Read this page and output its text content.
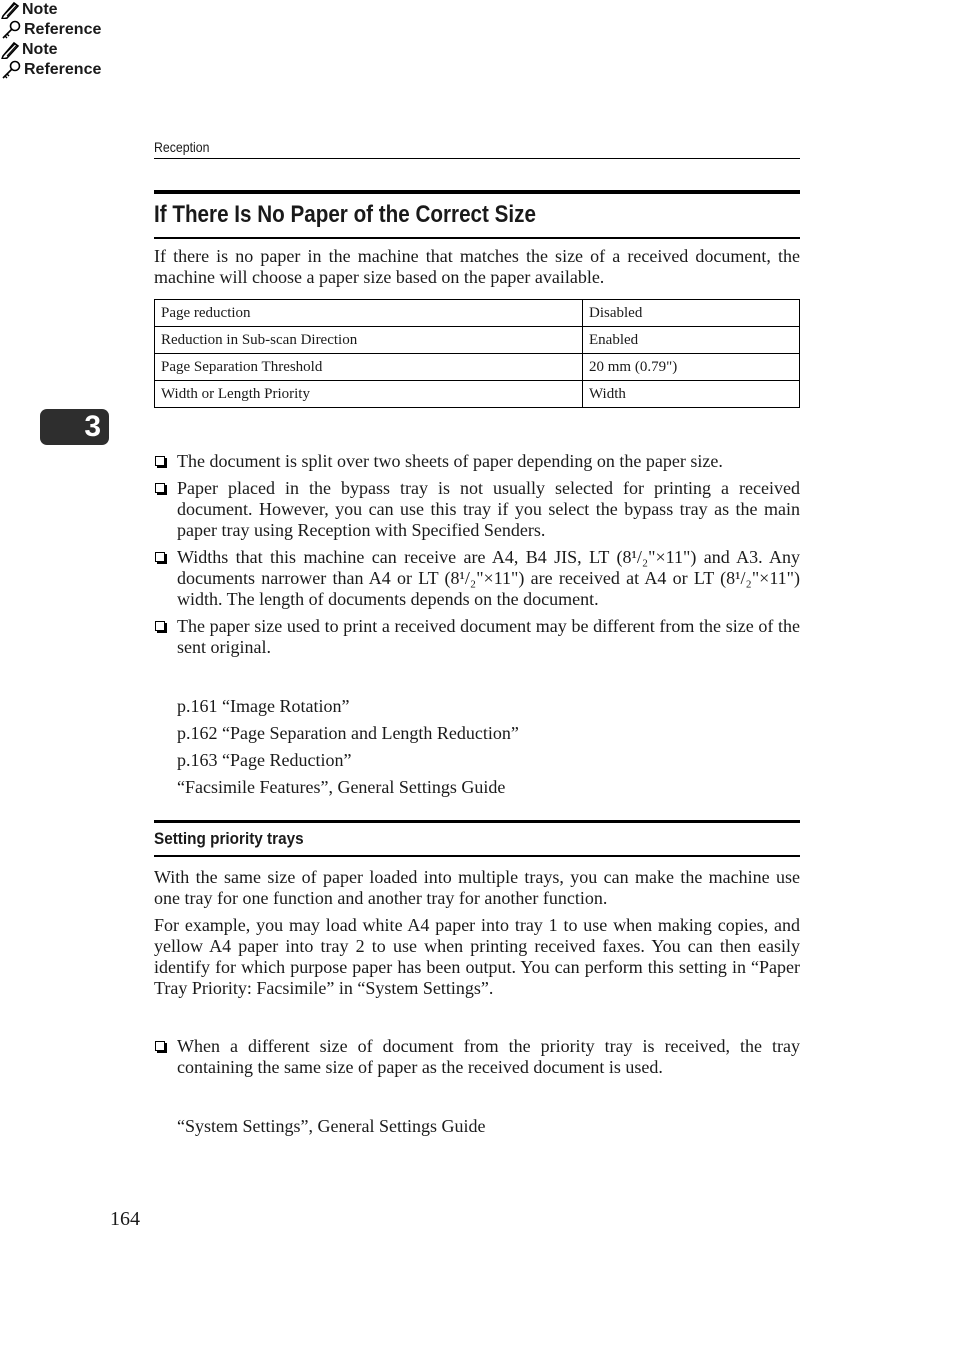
Reception
If There Is No Paper of the Correct Size

If there is no paper in the machine that matches the size of a received document, the machine will choose a paper size based on the paper available.

Page reduction	Disabled
Reduction in Sub-scan Direction	Enabled
Page Separation Threshold	20 mm (0.79")
Width or Length Priority	Width
3
Note
The document is split over two sheets of paper depending on the paper size.
Paper placed in the bypass tray is not usually selected for printing a received document. However, you can use this tray if you select the bypass tray as the main paper tray using Reception with Specified Senders.
Widths that this machine can receive are A4, B4 JIS, LT (8¹/₂"×11") and A3. Any documents narrower than A4 or LT (8¹/₂"×11") are received at A4 or LT (8¹/₂"×11") width. The length of documents depends on the document.
The paper size used to print a received document may be different from the size of the sent original.
Reference
p.161 “Image Rotation”
p.162 “Page Separation and Length Reduction”
p.163 “Page Reduction”
“Facsimile Features”, General Settings Guide
Setting priority trays

With the same size of paper loaded into multiple trays, you can make the machine use one tray for one function and another tray for another function.

For example, you may load white A4 paper into tray 1 to use when making copies, and yellow A4 paper into tray 2 to use when printing received faxes. You can then easily identify for which purpose paper has been output. You can perform this setting in “Paper Tray Priority: Facsimile” in “System Settings”.

Note
When a different size of document from the priority tray is received, the tray containing the same size of paper as the received document is used.
Reference
“System Settings”, General Settings Guide
164
